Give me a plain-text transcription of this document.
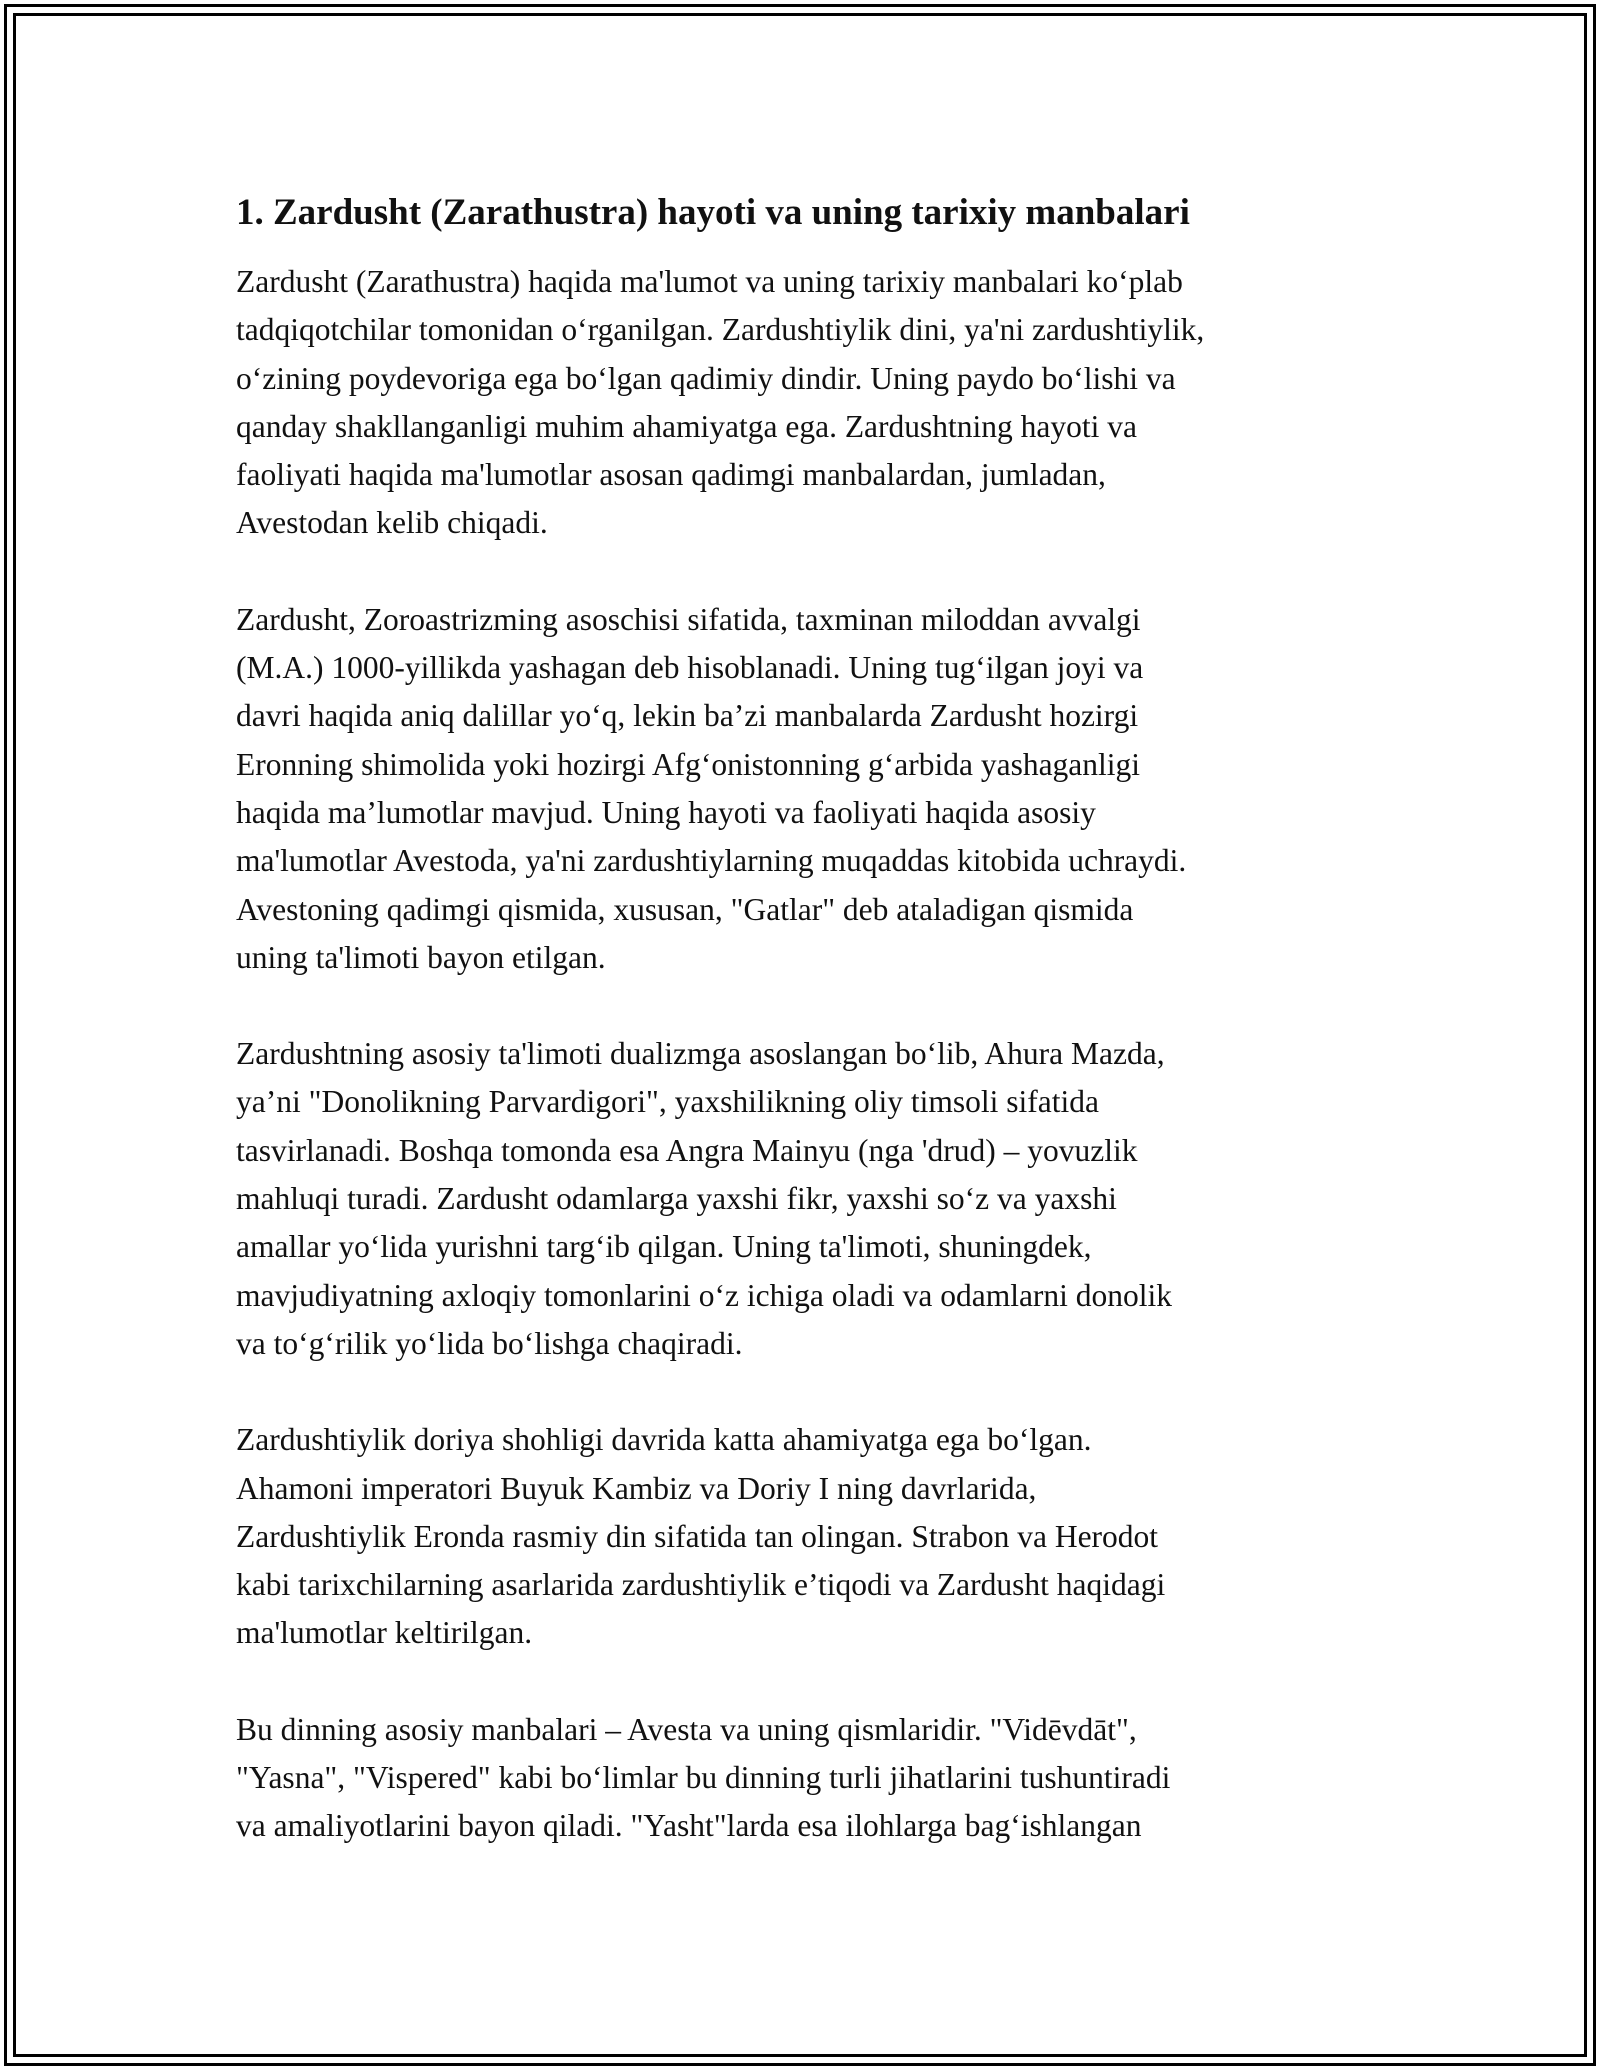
1. Zardusht (Zarathustra) hayoti va uning tarixiy manbalari

Zardusht (Zarathustra) haqida ma'lumot va uning tarixiy manbalari ko‘plab
tadqiqotchilar tomonidan o‘rganilgan. Zardushtiylik dini, ya'ni zardushtiylik,
o‘zining poydevoriga ega bo‘lgan qadimiy dindir. Uning paydo bo‘lishi va
qanday shakllanganligi muhim ahamiyatga ega. Zardushtning hayoti va
faoliyati haqida ma'lumotlar asosan qadimgi manbalardan, jumladan,
Avestodan kelib chiqadi.

Zardusht, Zoroastrizming asoschisi sifatida, taxminan miloddan avvalgi
(M.A.) 1000-yillikda yashagan deb hisoblanadi. Uning tug‘ilgan joyi va
davri haqida aniq dalillar yo‘q, lekin ba’zi manbalarda Zardusht hozirgi
Eronning shimolida yoki hozirgi Afg‘onistonning g‘arbida yashaganligi
haqida ma’lumotlar mavjud. Uning hayoti va faoliyati haqida asosiy
ma'lumotlar Avestoda, ya'ni zardushtiylarning muqaddas kitobida uchraydi.
Avestoning qadimgi qismida, xususan, "Gatlar" deb ataladigan qismida
uning ta'limoti bayon etilgan.

Zardushtning asosiy ta'limoti dualizmga asoslangan bo‘lib, Ahura Mazda,
ya’ni "Donolikning Parvardigori", yaxshilikning oliy timsoli sifatida
tasvirlanadi. Boshqa tomonda esa Angra Mainyu (nga 'drud) – yovuzlik
mahluqi turadi. Zardusht odamlarga yaxshi fikr, yaxshi so‘z va yaxshi
amallar yo‘lida yurishni targ‘ib qilgan. Uning ta'limoti, shuningdek,
mavjudiyatning axloqiy tomonlarini o‘z ichiga oladi va odamlarni donolik
va to‘g‘rilik yo‘lida bo‘lishga chaqiradi.

Zardushtiylik doriya shohligi davrida katta ahamiyatga ega bo‘lgan.
Ahamoni imperatori Buyuk Kambiz va Doriy I ning davrlarida,
Zardushtiylik Eronda rasmiy din sifatida tan olingan. Strabon va Herodot
kabi tarixchilarning asarlarida zardushtiylik e’tiqodi va Zardusht haqidagi
ma'lumotlar keltirilgan.

Bu dinning asosiy manbalari – Avesta va uning qismlaridir. "Vidēvdāt",
"Yasna", "Vispered" kabi bo‘limlar bu dinning turli jihatlarini tushuntiradi
va amaliyotlarini bayon qiladi. "Yasht"larda esa ilohlarga bag‘ishlangan
